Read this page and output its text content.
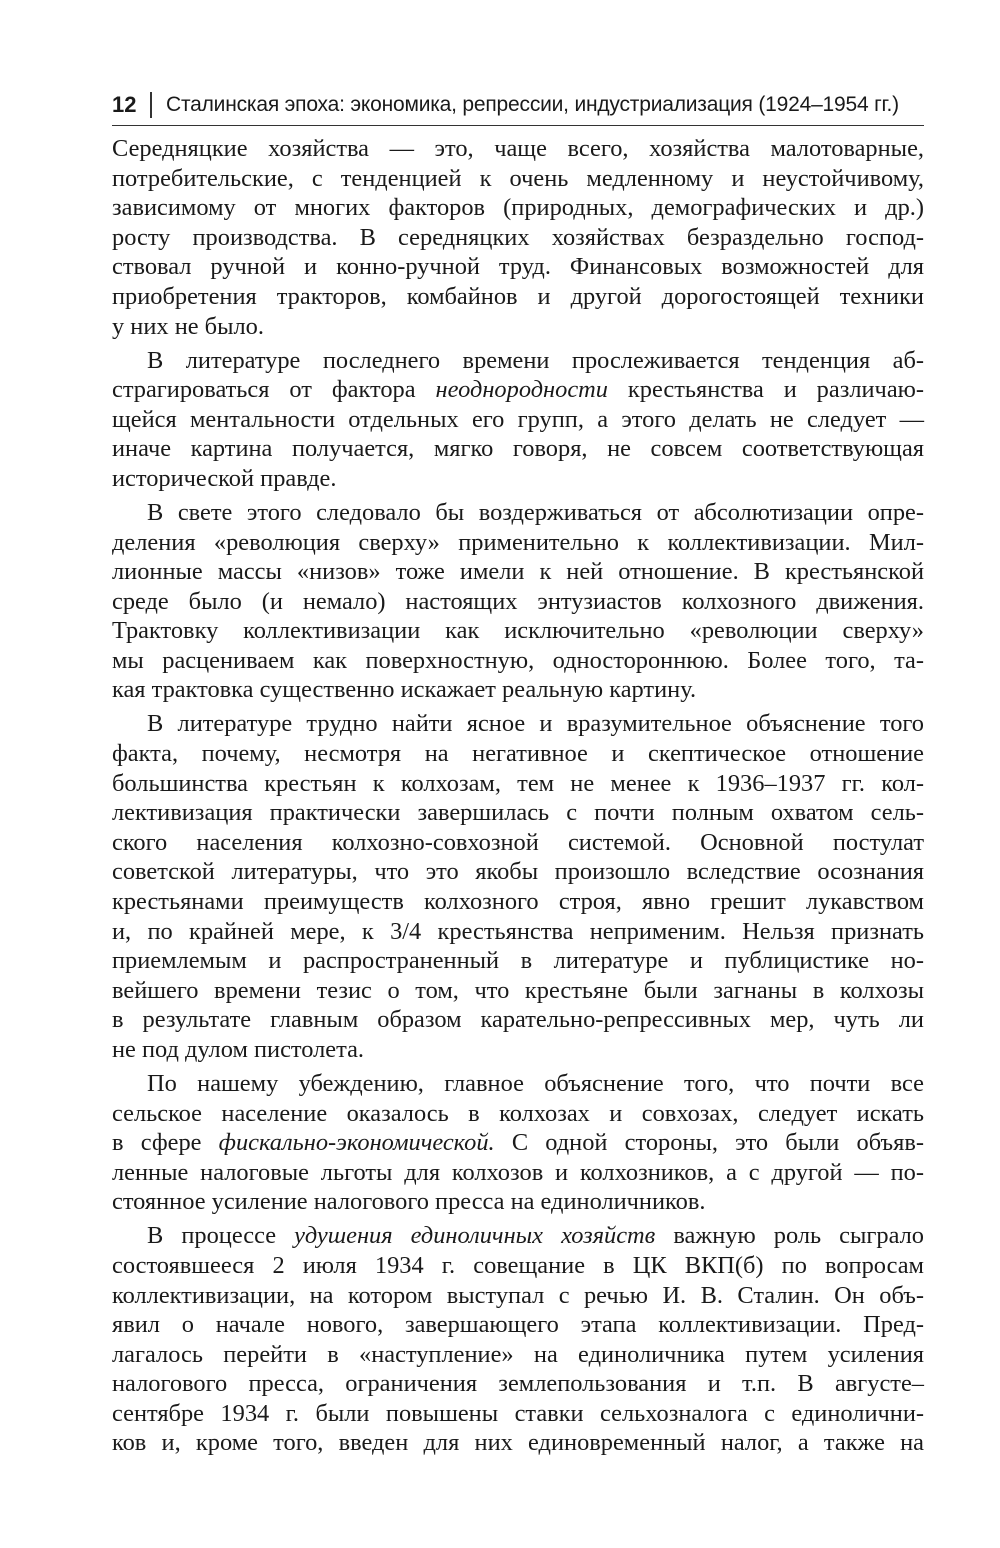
12 Сталинская эпоха: экономика, репрессии, индустриализация (1924–1954 гг.)
Середняцкие хозяйства — это, чаще всего, хозяйства малотоварные,
потребительские, с тенденцией к очень медленному и неустойчивому,
зависимому от многих факторов (природных, демографических и др.)
росту производства. В середняцких хозяйствах безраздельно господ-
ствовал ручной и конно-ручной труд. Финансовых возможностей для
приобретения тракторов, комбайнов и другой дорогостоящей техники
у них не было.
В литературе последнего времени прослеживается тенденция аб-
страгироваться от фактора неоднородности крестьянства и различаю-
щейся ментальности отдельных его групп, а этого делать не следует —
иначе картина получается, мягко говоря, не совсем соответствующая
исторической правде.
В свете этого следовало бы воздерживаться от абсолютизации опре-
деления «революция сверху» применительно к коллективизации. Мил-
лионные массы «низов» тоже имели к ней отношение. В крестьянской
среде было (и немало) настоящих энтузиастов колхозного движения.
Трактовку коллективизации как исключительно «революции сверху»
мы расцениваем как поверхностную, одностороннюю. Более того, та-
кая трактовка существенно искажает реальную картину.
В литературе трудно найти ясное и вразумительное объяснение того
факта, почему, несмотря на негативное и скептическое отношение
большинства крестьян к колхозам, тем не менее к 1936–1937 гг. кол-
лективизация практически завершилась с почти полным охватом сель-
ского населения колхозно-совхозной системой. Основной постулат
советской литературы, что это якобы произошло вследствие осознания
крестьянами преимуществ колхозного строя, явно грешит лукавством
и, по крайней мере, к 3/4 крестьянства неприменим. Нельзя признать
приемлемым и распространенный в литературе и публицистике но-
вейшего времени тезис о том, что крестьяне были загнаны в колхозы
в результате главным образом карательно-репрессивных мер, чуть ли
не под дулом пистолета.
По нашему убеждению, главное объяснение того, что почти все
сельское население оказалось в колхозах и совхозах, следует искать
в сфере фискально-экономической. С одной стороны, это были объяв-
ленные налоговые льготы для колхозов и колхозников, а с другой — по-
стоянное усиление налогового пресса на единоличников.
В процессе удушения единоличных хозяйств важную роль сыграло
состоявшееся 2 июля 1934 г. совещание в ЦК ВКП(б) по вопросам
коллективизации, на котором выступал с речью И. В. Сталин. Он объ-
явил о начале нового, завершающего этапа коллективизации. Пред-
лагалось перейти в «наступление» на единоличника путем усиления
налогового пресса, ограничения землепользования и т.п. В августе–
сентябре 1934 г. были повышены ставки сельхозналога с единолични-
ков и, кроме того, введен для них единовременный налог, а также на
